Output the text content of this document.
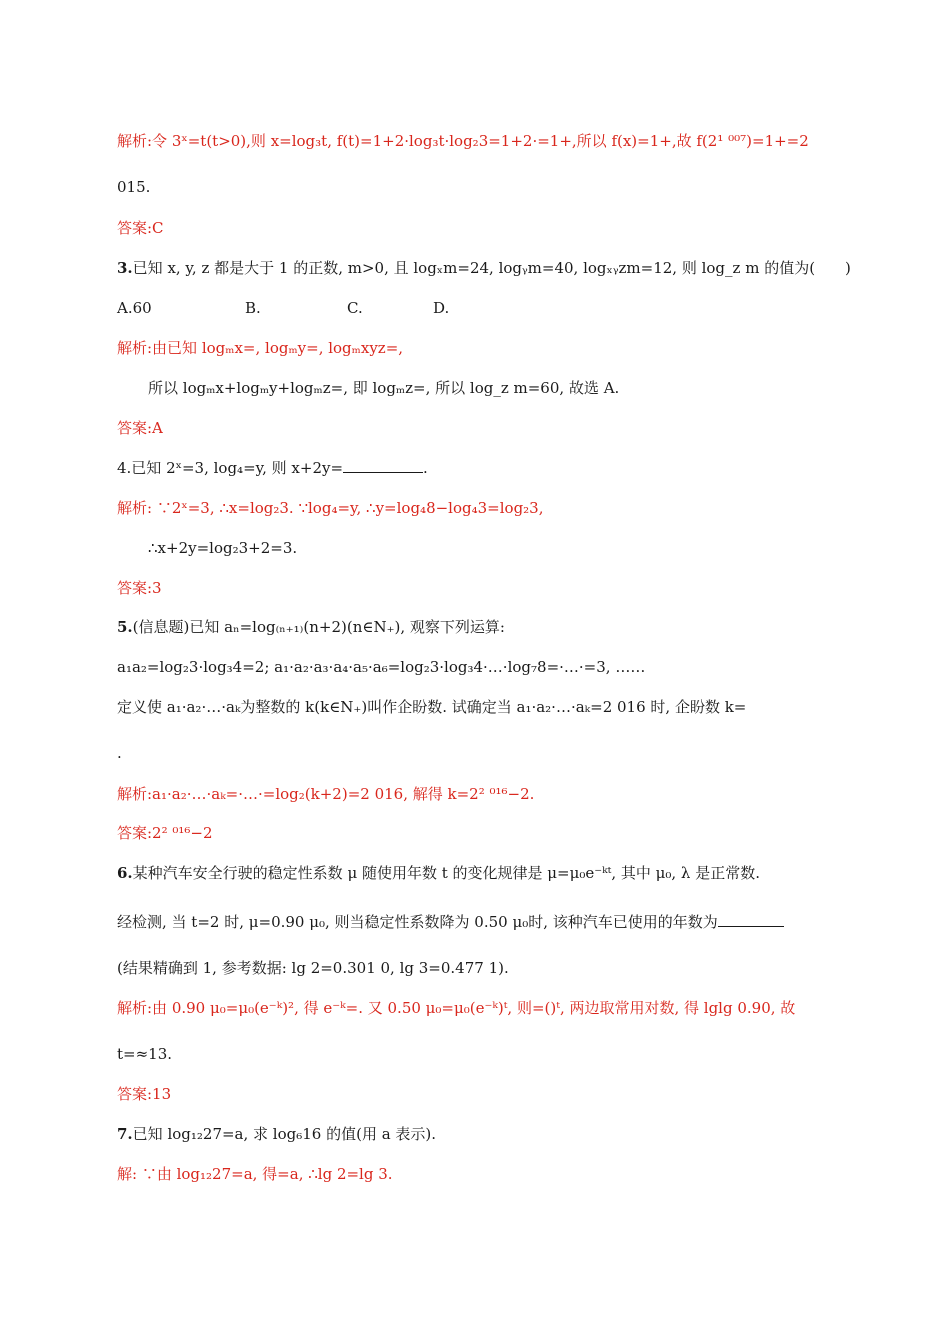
解析:令 3ˣ=t(t>0),则 x=log₃t, f(t)=1+2·log₃t·log₂3=1+2·=1+,所以 f(x)=1+,故 f(2¹ ⁰⁰⁷)=1+=2
015.
答案:C
3.已知 x, y, z 都是大于 1 的正数, m>0, 且 logₓm=24, logᵧm=40, logₓᵧzm=12, 则 log_z m 的值为(　　)
A.60	B.	C.	D.
解析:由已知 logₘx=, logₘy=, logₘxyz=,
所以 logₘx+logₘy+logₘz=, 即 logₘz=, 所以 log_z m=60, 故选 A.
答案:A
4.已知 2ˣ=3, log₄=y, 则 x+2y=	.
解析: ∵2ˣ=3, ∴x=log₂3. ∵log₄=y, ∴y=log₄8−log₄3=log₂3,
∴x+2y=log₂3+2=3.
答案:3
5.(信息题)已知 aₙ=log₍ₙ₊₁₎(n+2)(n∈N₊), 观察下列运算:
a₁a₂=log₂3·log₃4=2; a₁·a₂·a₃·a₄·a₅·a₆=log₂3·log₃4·…·log₇8=·…·=3, ……
定义使 a₁·a₂·…·aₖ为整数的 k(k∈N₊)叫作企盼数. 试确定当 a₁·a₂·…·aₖ=2 016 时, 企盼数 k=
.
解析:a₁·a₂·…·aₖ=·…·=log₂(k+2)=2 016, 解得 k=2² ⁰¹⁶−2.
答案:2² ⁰¹⁶−2
6.某种汽车安全行驶的稳定性系数 μ 随使用年数 t 的变化规律是 μ=μ₀e⁻ᵏᵗ, 其中 μ₀, λ 是正常数.
经检测, 当 t=2 时, μ=0.90 μ₀, 则当稳定性系数降为 0.50 μ₀时, 该种汽车已使用的年数为
(结果精确到 1, 参考数据: lg 2=0.301 0, lg 3=0.477 1).
解析:由 0.90 μ₀=μ₀(e⁻ᵏ)², 得 e⁻ᵏ=. 又 0.50 μ₀=μ₀(e⁻ᵏ)ᵗ, 则=()ᵗ, 两边取常用对数, 得 lglg 0.90, 故
t=≈13.
答案:13
7.已知 log₁₂27=a, 求 log₆16 的值(用 a 表示).
解: ∵由 log₁₂27=a, 得=a, ∴lg 2=lg 3.
